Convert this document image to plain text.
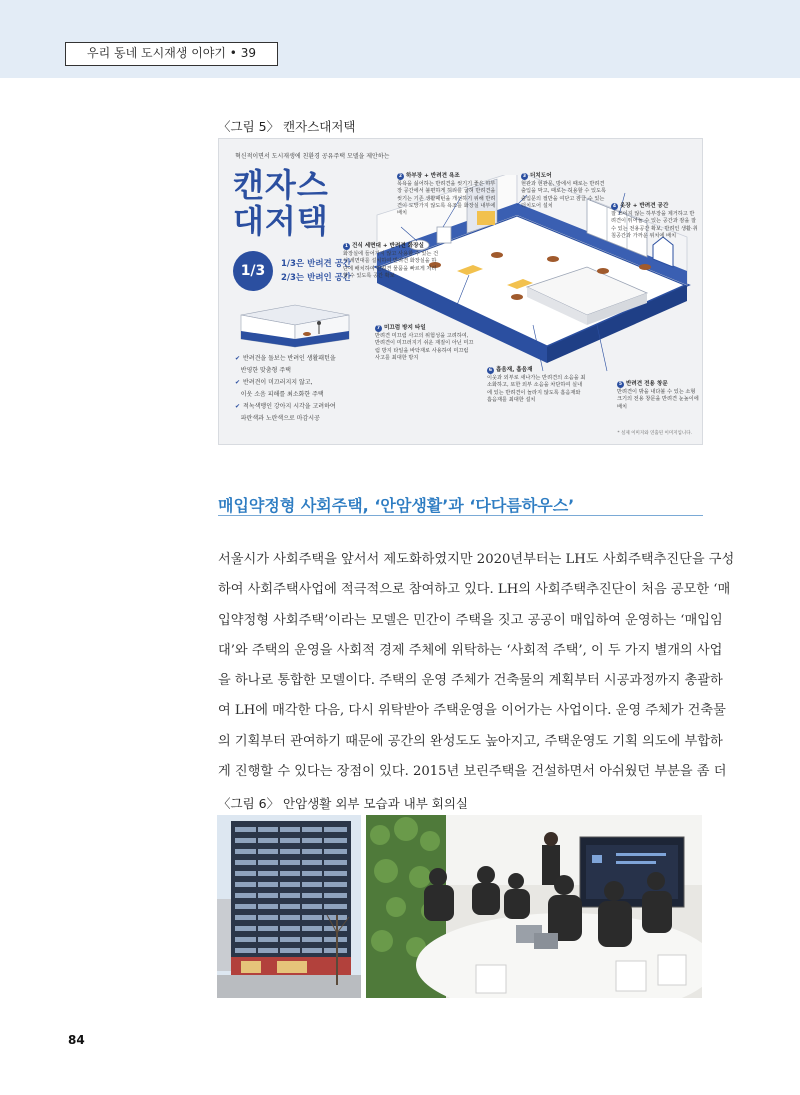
우리 동네 도시재생 이야기 • 39
〈그림 5〉 캔자스대저택
혁신적이면서 도시재생에 친환경 공유주택 모델을 제안하는
캔자스
대저택
1/3	1/3은 반려견 공간
2/3는 반려인 공간
✔ 반려견을 돌보는 반려인 생활패턴을
반영한 맞춤형 주택
✔ 반려견이 미끄러지지 않고,
이웃 소음 피해를 최소화한 주택
✔ 적녹색맹인 강아지 시각을 고려하여
파란색과 노란색으로 마감시공
1 건식 세면대 + 반려견 화장실
화장실에 들어가지 않고 사용할 수 있는 건식 세면대를 설치하여 반려견 화장실을 하단에 배치하여 반려견 물품을 빠르게 처리할 수 있도록 공간 확보
2 하부장 + 반려견 욕조
목욕을 싫어하는 반려견을 씻기기 좋은 하부장 공간에서 불편하게 허리를 굽혀 반려견을 씻기는 기존 생활패턴을 개선하기 위해 반려견이 도망가지 않도록 욕조를 화장실 내부에 배치
3 더치도어
현관과 현관문, 방에서 때로는 반려견 출입을 막고, 때로는 허용할 수 있도록 출입문의 절반을 여닫고 잠글 수 있는 더치도어 설치	4 옷장 + 반려견 공간
잘 쓰이지 않는 하부장을 제거하고 반려견이 뛰어놀 수 있는 공간과 잠을 잘 수 있는 전용공간 확보, 반려인 생활·취침공간과 가까운 위치에 배치
5 반려견 전용 창문
반려견이 밖을 내다볼 수 있는 소형 크기의 전용 창문을 반려견 눈높이에 배치
6 흡음재, 흡음재
이웃과 외부로 새나가는 반려견의 소음을 최소화하고, 또한 외부 소음을 차단하여 실내에 있는 반려견이 놀라지 않도록 흡음재와 흡음재를 최대한 설치
7 미끄럼 방지 타일
반려견 미끄럼 사고의 위험성을 고려하여, 반려견이 미끄러지기 쉬운 재질이 아닌 미끄럼 방지 타일을 바닥재로 사용하여 미끄럼 사고를 최대한 방지
* 실제 이미지와 연출된 이미지입니다.
매입약정형 사회주택, ‘안암생활’과 ‘다다름하우스’
서울시가 사회주택을 앞서서 제도화하였지만 2020년부터는 LH도 사회주택추진단을 구성
하여 사회주택사업에 적극적으로 참여하고 있다. LH의 사회주택추진단이 처음 공모한 ‘매
입약정형 사회주택’이라는 모델은 민간이 주택을 짓고 공공이 매입하여 운영하는 ‘매입임
대’와 주택의 운영을 사회적 경제 주체에 위탁하는 ‘사회적 주택’, 이 두 가지 별개의 사업
을 하나로 통합한 모델이다. 주택의 운영 주체가 건축물의 계획부터 시공과정까지 총괄하
여 LH에 매각한 다음, 다시 위탁받아 주택운영을 이어가는 사업이다. 운영 주체가 건축물
의 기획부터 관여하기 때문에 공간의 완성도도 높아지고, 주택운영도 기획 의도에 부합하
게 진행할 수 있다는 장점이 있다. 2015년 보린주택을 건설하면서 아쉬웠던 부분을 좀 더
〈그림 6〉 안암생활 외부 모습과 내부 회의실
84
